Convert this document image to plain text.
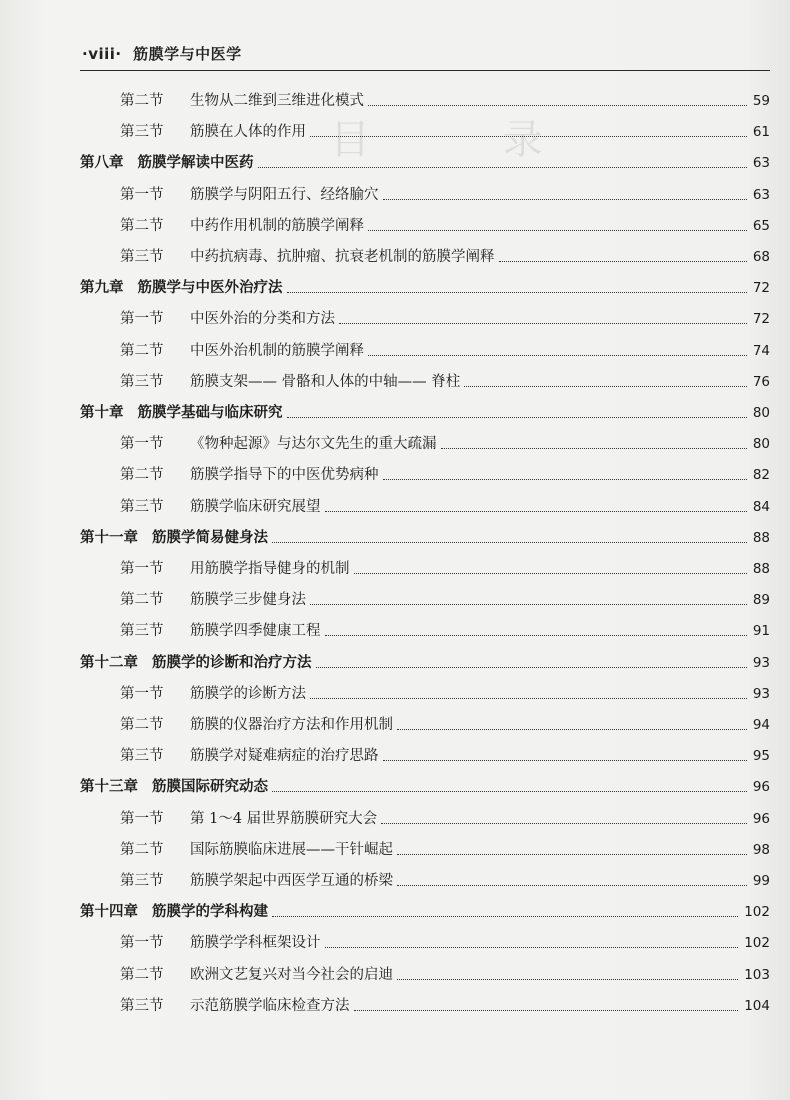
目 录
·viii· 筋膜学与中医学
第二节 生物从二维到三维进化模式	59
第三节 筋膜在人体的作用	61
第八章 筋膜学解读中医药	63
第一节 筋膜学与阴阳五行、经络腧穴	63
第二节 中药作用机制的筋膜学阐释	65
第三节 中药抗病毒、抗肿瘤、抗衰老机制的筋膜学阐释	68
第九章 筋膜学与中医外治疗法	72
第一节 中医外治的分类和方法	72
第二节 中医外治机制的筋膜学阐释	74
第三节 筋膜支架—— 骨骼和人体的中轴—— 脊柱	76
第十章 筋膜学基础与临床研究	80
第一节 《物种起源》与达尔文先生的重大疏漏	80
第二节 筋膜学指导下的中医优势病种	82
第三节 筋膜学临床研究展望	84
第十一章 筋膜学简易健身法	88
第一节 用筋膜学指导健身的机制	88
第二节 筋膜学三步健身法	89
第三节 筋膜学四季健康工程	91
第十二章 筋膜学的诊断和治疗方法	93
第一节 筋膜学的诊断方法	93
第二节 筋膜的仪器治疗方法和作用机制	94
第三节 筋膜学对疑难病症的治疗思路	95
第十三章 筋膜国际研究动态	96
第一节 第 1～4 届世界筋膜研究大会	96
第二节 国际筋膜临床进展——干针崛起	98
第三节 筋膜学架起中西医学互通的桥梁	99
第十四章 筋膜学的学科构建	102
第一节 筋膜学学科框架设计	102
第二节 欧洲文艺复兴对当今社会的启迪	103
第三节 示范筋膜学临床检查方法	104
